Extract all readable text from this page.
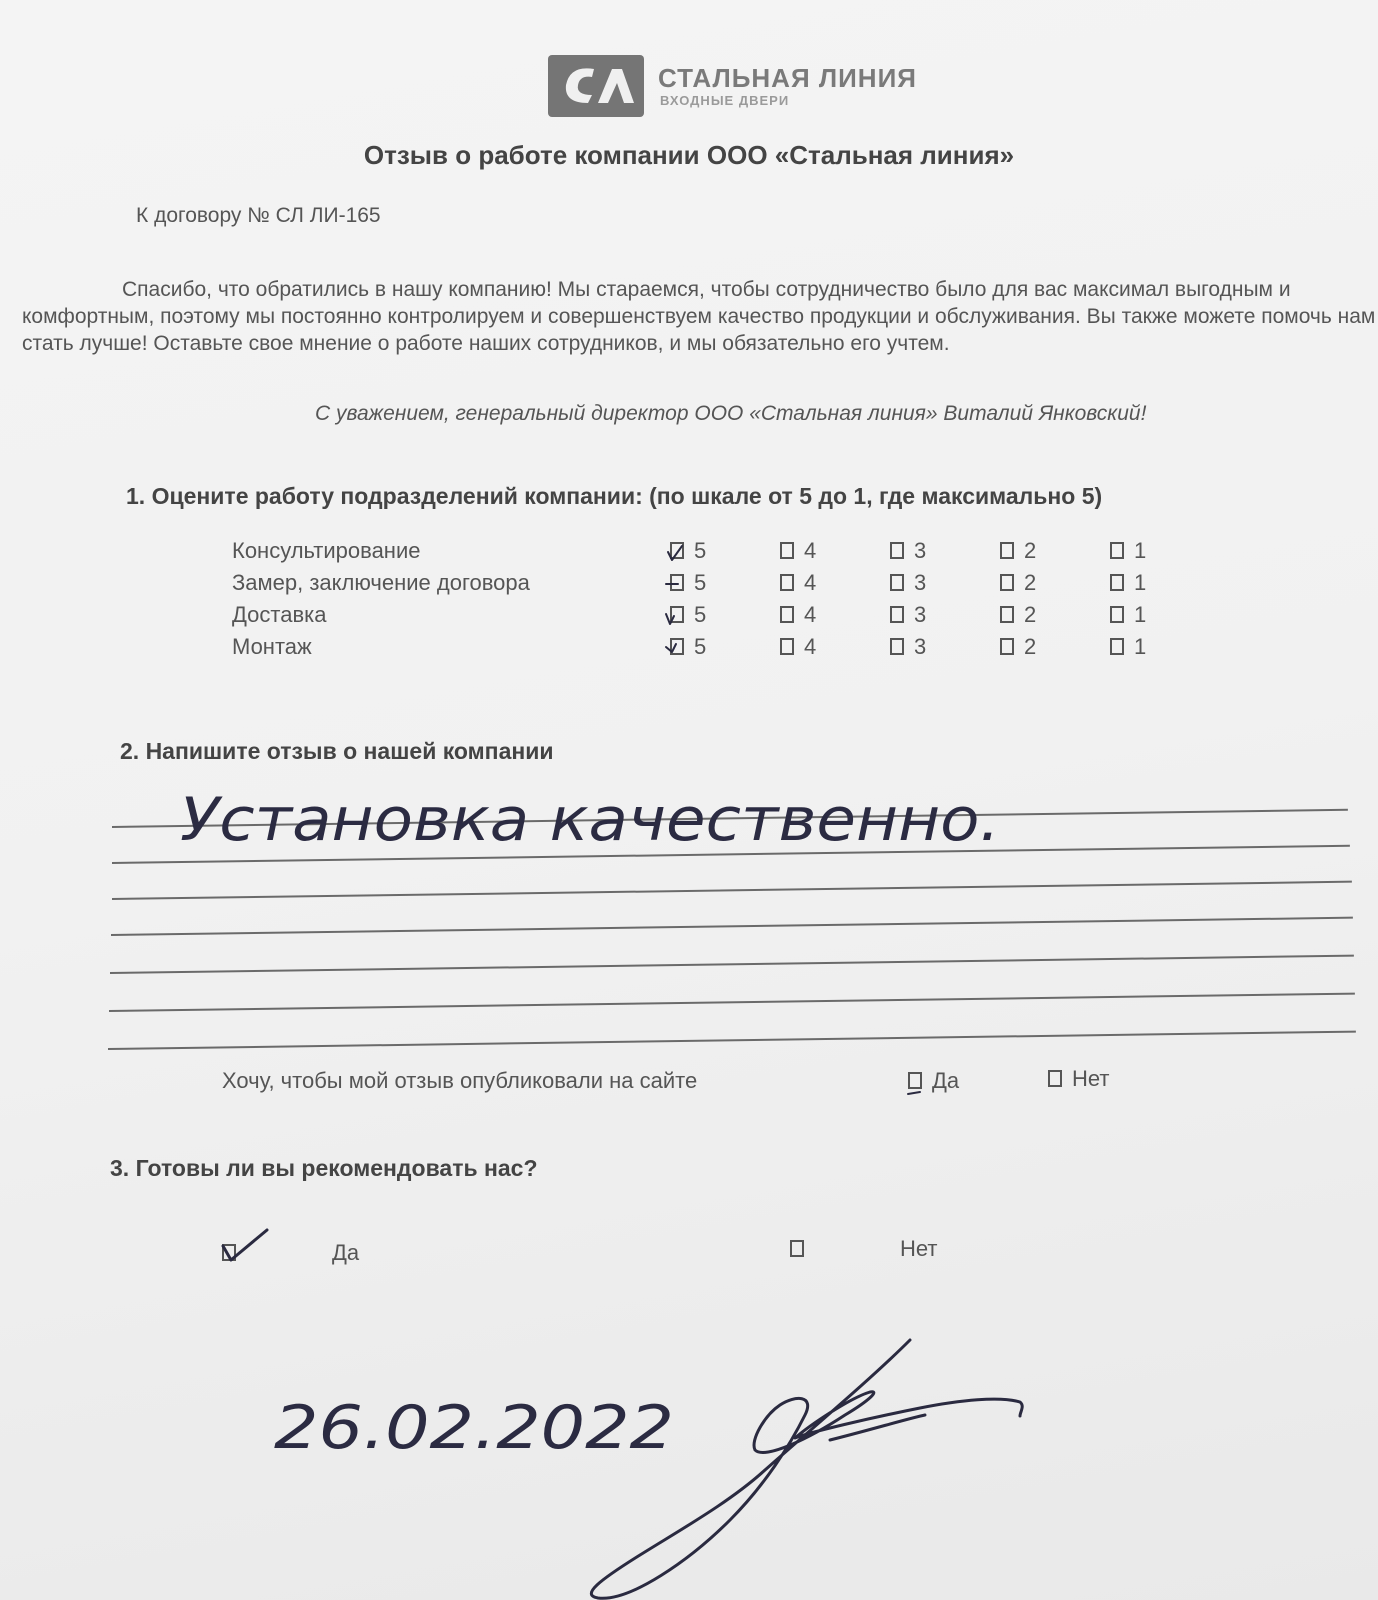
СТАЛЬНАЯ ЛИНИЯ
ВХОДНЫЕ ДВЕРИ
Отзыв о работе компании ООО «Стальная линия»
К договору № СЛ ЛИ-165
Спасибо, что обратились в нашу компанию! Мы стараемся, чтобы сотрудничество было для вас максимал выгодным и комфортным, поэтому мы постоянно контролируем и совершенствуем качество продукции и обслуживания. Вы также можете помочь нам стать лучше! Оставьте свое мнение о работе наших сотрудников, и мы обязательно его учтем.
С уважением, генеральный директор ООО «Стальная линия» Виталий Янковский!
1. Оцените работу подразделений компании: (по шкале от 5 до 1, где максимально 5)
Консультирование	5	4	3	2	1
Замер, заключение договора	5	4	3	2	1
Доставка	5	4	3	2	1
Монтаж	5	4	3	2	1
2. Напишите отзыв о нашей компании
Установка качественно.
Хочу, чтобы мой отзыв опубликовали на сайте	Да	Нет
3. Готовы ли вы рекомендовать нас?
Да	Нет
26.02.2022
